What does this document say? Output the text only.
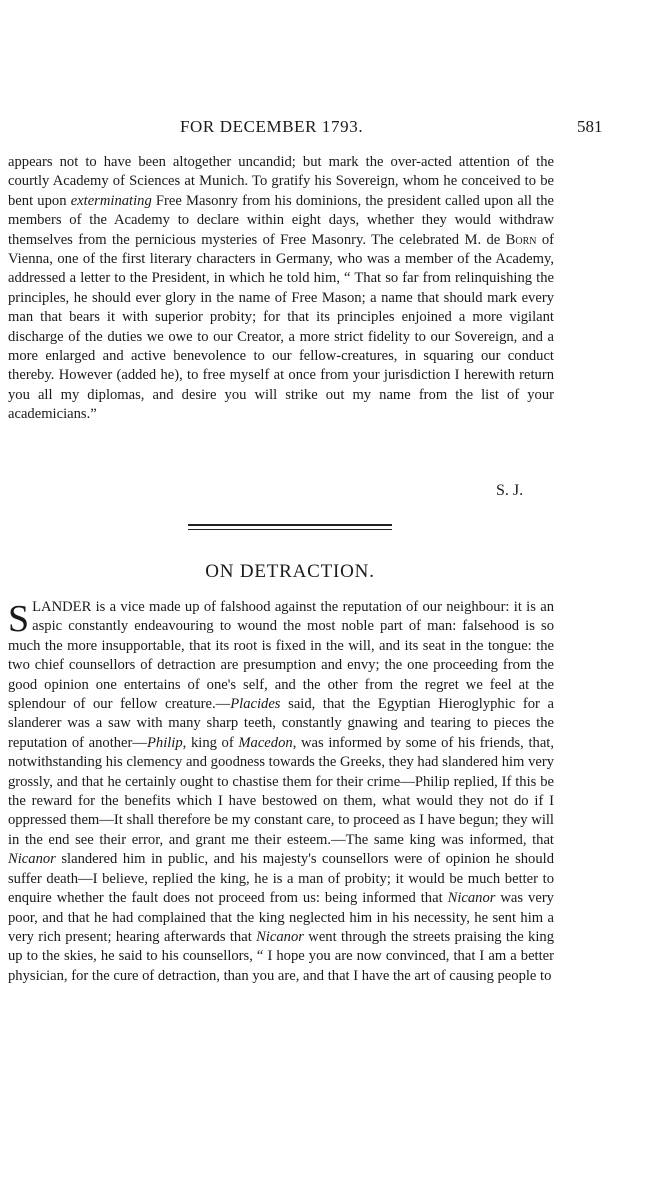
FOR DECEMBER 1793.	581

appears not to have been altogether uncandid; but mark the over-acted attention of the courtly Academy of Sciences at Munich. To gratify his Sovereign, whom he conceived to be bent upon exterminating Free Masonry from his dominions, the president called upon all the members of the Academy to declare within eight days, whether they would withdraw themselves from the pernicious mysteries of Free Masonry. The celebrated M. de Born of Vienna, one of the first literary characters in Germany, who was a member of the Academy, addressed a letter to the President, in which he told him, “ That so far from relinquishing the principles, he should ever glory in the name of Free Mason; a name that should mark every man that bears it with superior probity; for that its principles enjoined a more vigilant discharge of the duties we owe to our Creator, a more strict fidelity to our Sovereign, and a more enlarged and active benevolence to our fellow-creatures, in squaring our conduct thereby. However (added he), to free myself at once from your jurisdiction I herewith return you all my diplomas, and desire you will strike out my name from the list of your academicians.”

S. J.
ON DETRACTION.

SLANDER is a vice made up of falshood against the reputation of our neighbour: it is an aspic constantly endeavouring to wound the most noble part of man: falsehood is so much the more insupportable, that its root is fixed in the will, and its seat in the tongue: the two chief counsellors of detraction are presumption and envy; the one proceeding from the good opinion one entertains of one's self, and the other from the regret we feel at the splendour of our fellow creature.—Placides said, that the Egyptian Hieroglyphic for a slanderer was a saw with many sharp teeth, constantly gnawing and tearing to pieces the reputation of another—Philip, king of Macedon, was informed by some of his friends, that, notwithstanding his clemency and goodness towards the Greeks, they had slandered him very grossly, and that he certainly ought to chastise them for their crime—Philip replied, If this be the reward for the benefits which I have bestowed on them, what would they not do if I oppressed them—It shall therefore be my constant care, to proceed as I have begun; they will in the end see their error, and grant me their esteem.—The same king was informed, that Nicanor slandered him in public, and his majesty's counsellors were of opinion he should suffer death—I believe, replied the king, he is a man of probity; it would be much better to enquire whether the fault does not proceed from us: being informed that Nicanor was very poor, and that he had complained that the king neglected him in his necessity, he sent him a very rich present; hearing afterwards that Nicanor went through the streets praising the king up to the skies, he said to his counsellors, “ I hope you are now convinced, that I am a better physician, for the cure of detraction, than you are, and that I have the art of causing people to
